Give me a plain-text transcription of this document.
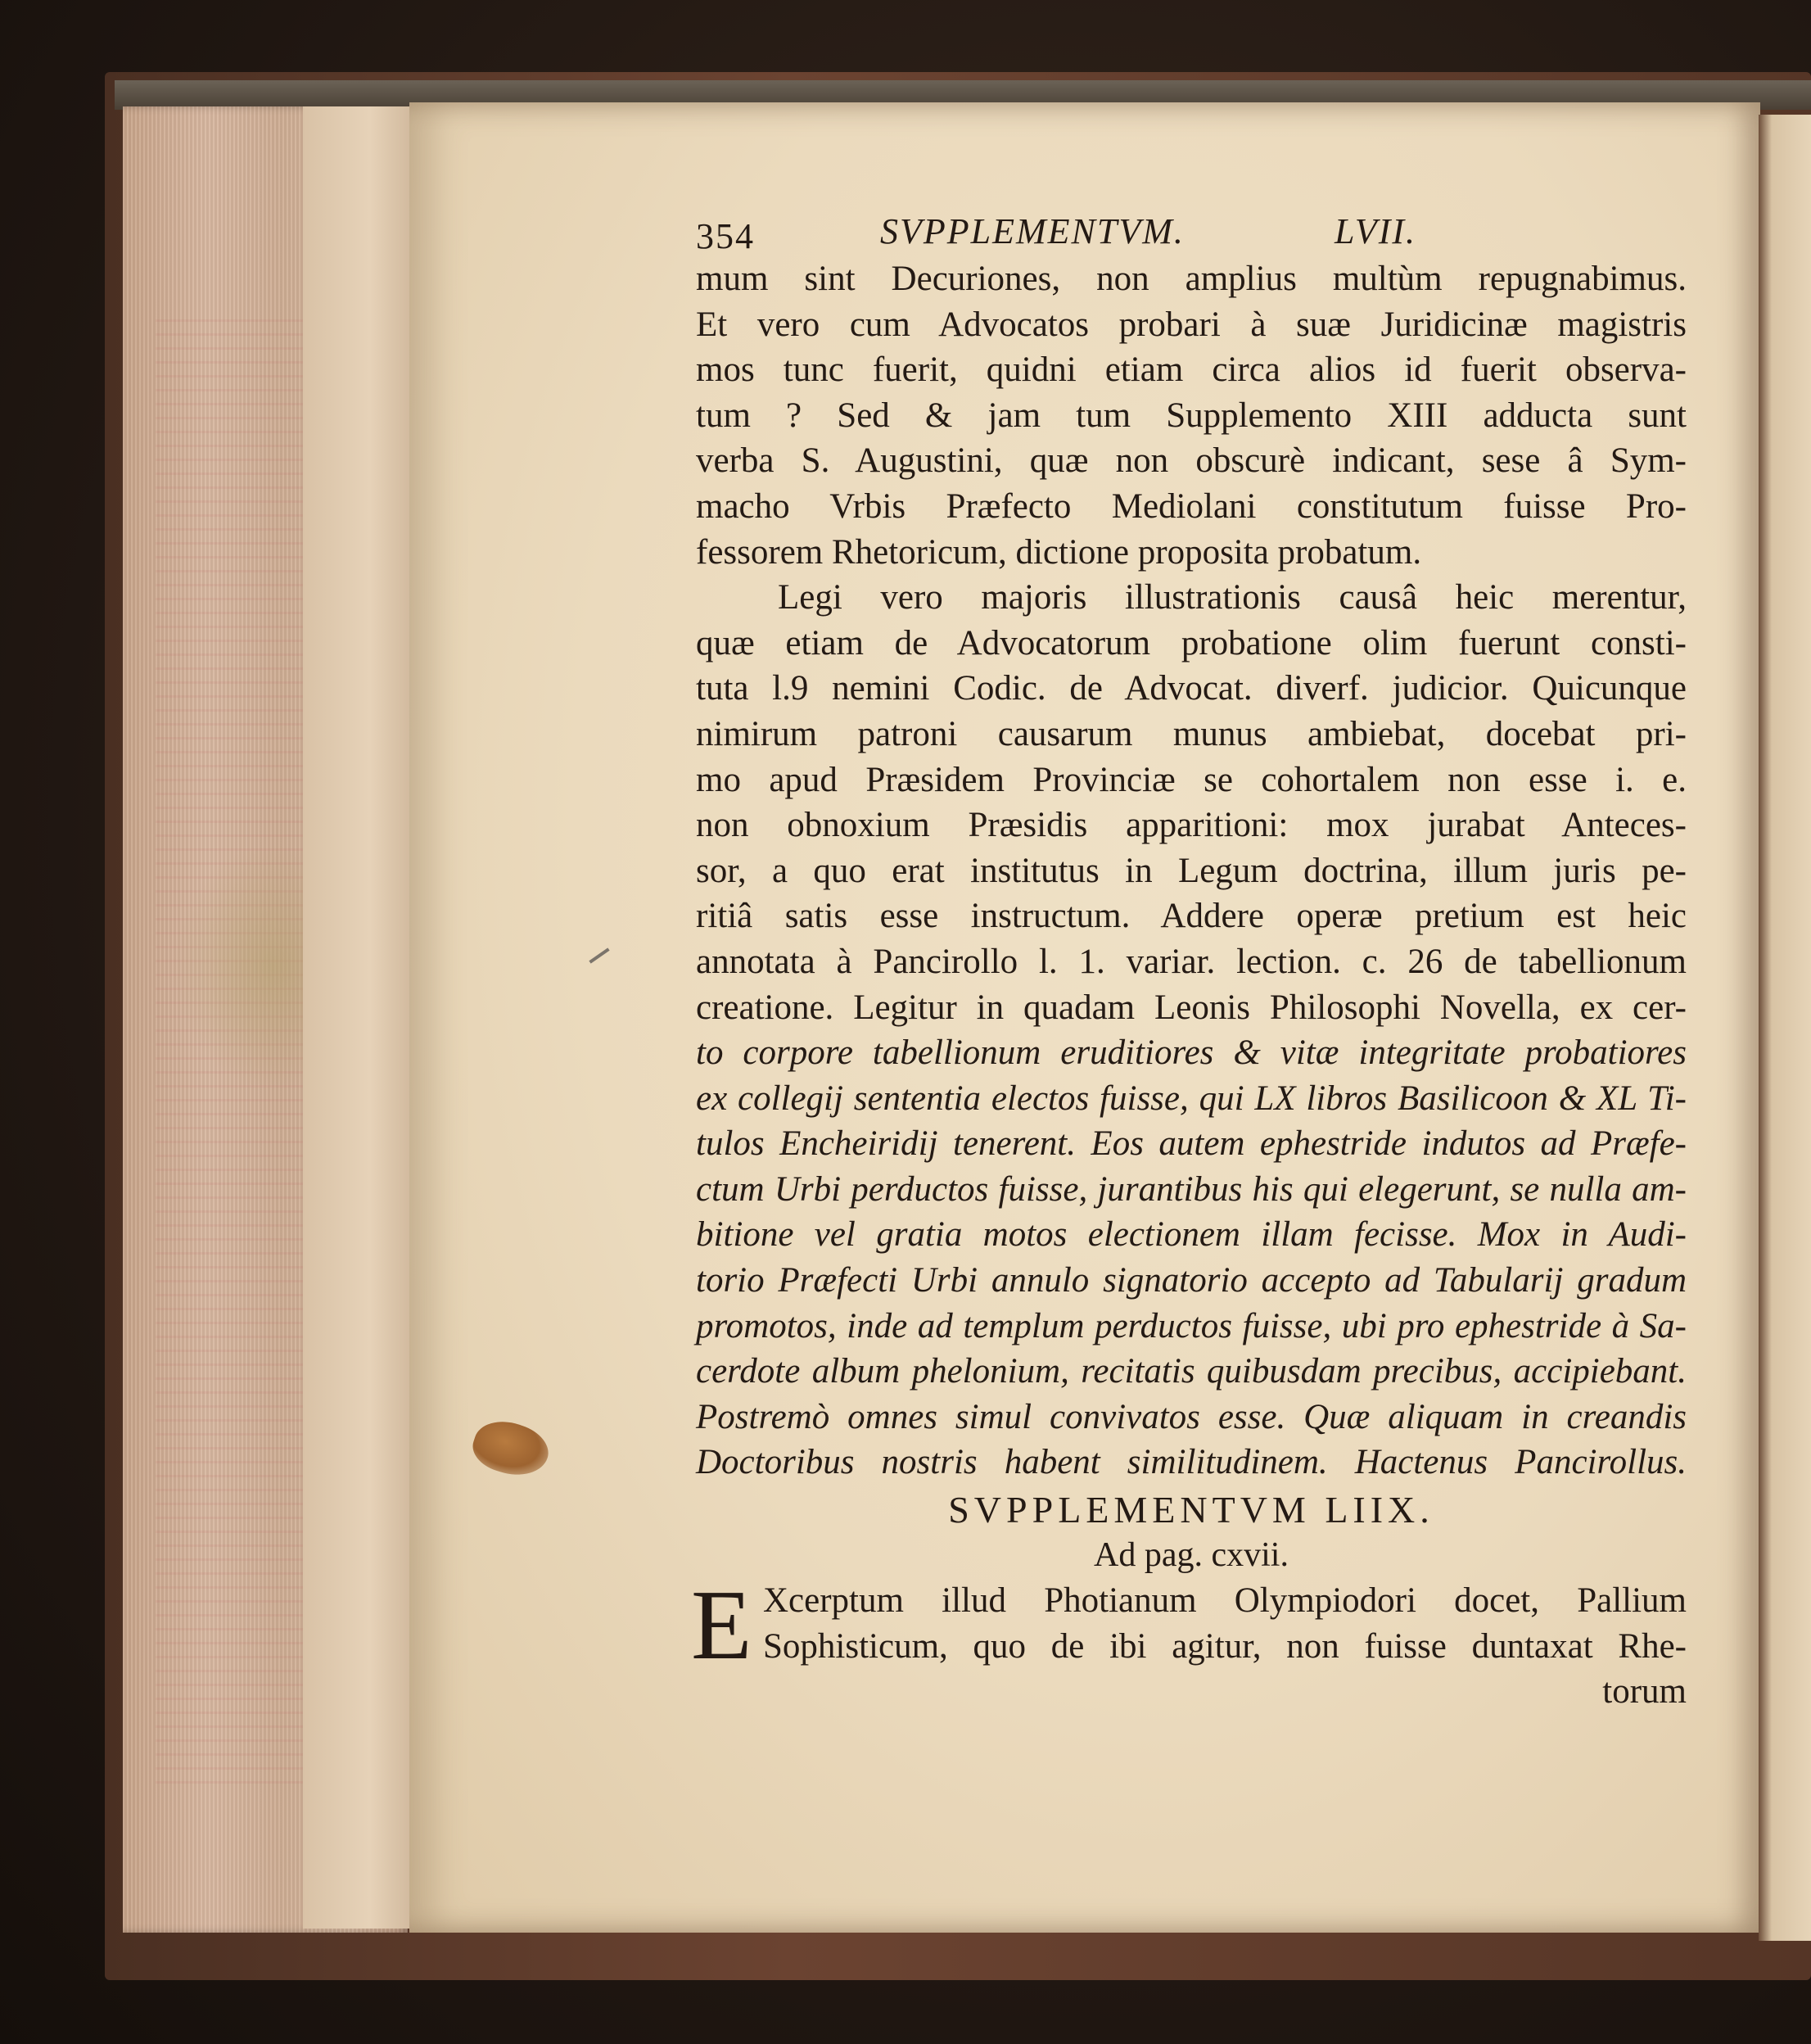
354	SVPPLEMENTVM.	LVII.
mum sint Decuriones, non amplius multùm repugnabimus.
Et vero cum Advocatos probari à suæ Juridicinæ magistris
mos tunc fuerit, quidni etiam circa alios id fuerit observa-
tum ? Sed & jam tum Supplemento XIII adducta sunt
verba S. Augustini, quæ non obscurè indicant, sese â Sym-
macho Vrbis Præfecto Mediolani constitutum fuisse Pro-
fessorem Rhetoricum, dictione proposita probatum.
Legi vero majoris illustrationis causâ heic merentur,
quæ etiam de Advocatorum probatione olim fuerunt consti-
tuta l.9 nemini Codic. de Advocat. diverf. judicior. Quicunque
nimirum patroni causarum munus ambiebat, docebat pri-
mo apud Præsidem Provinciæ se cohortalem non esse i. e.
non obnoxium Præsidis apparitioni: mox jurabat Anteces-
sor, a quo erat institutus in Legum doctrina, illum juris pe-
ritiâ satis esse instructum. Addere operæ pretium est heic
annotata à Pancirollo l. 1. variar. lection. c. 26 de tabellionum
creatione. Legitur in quadam Leonis Philosophi Novella, ex cer-
to corpore tabellionum eruditiores & vitæ integritate probatiores
ex collegij sententia electos fuisse, qui LX libros Basilicoon & XL Ti-
tulos Encheiridij tenerent. Eos autem ephestride indutos ad Præfe-
ctum Urbi perductos fuisse, jurantibus his qui elegerunt, se nulla am-
bitione vel gratia motos electionem illam fecisse. Mox in Audi-
torio Præfecti Urbi annulo signatorio accepto ad Tabularij gradum
promotos, inde ad templum perductos fuisse, ubi pro ephestride à Sa-
cerdote album phelonium, recitatis quibusdam precibus, accipiebant.
Postremò omnes simul convivatos esse. Quæ aliquam in creandis
Doctoribus nostris habent similitudinem. Hactenus Pancirollus.
SVPPLEMENTVM LIIX.
Ad pag. cxvii.
E Xcerptum illud Photianum Olympiodori docet, Pallium
Sophisticum, quo de ibi agitur, non fuisse duntaxat Rhe-
torum
